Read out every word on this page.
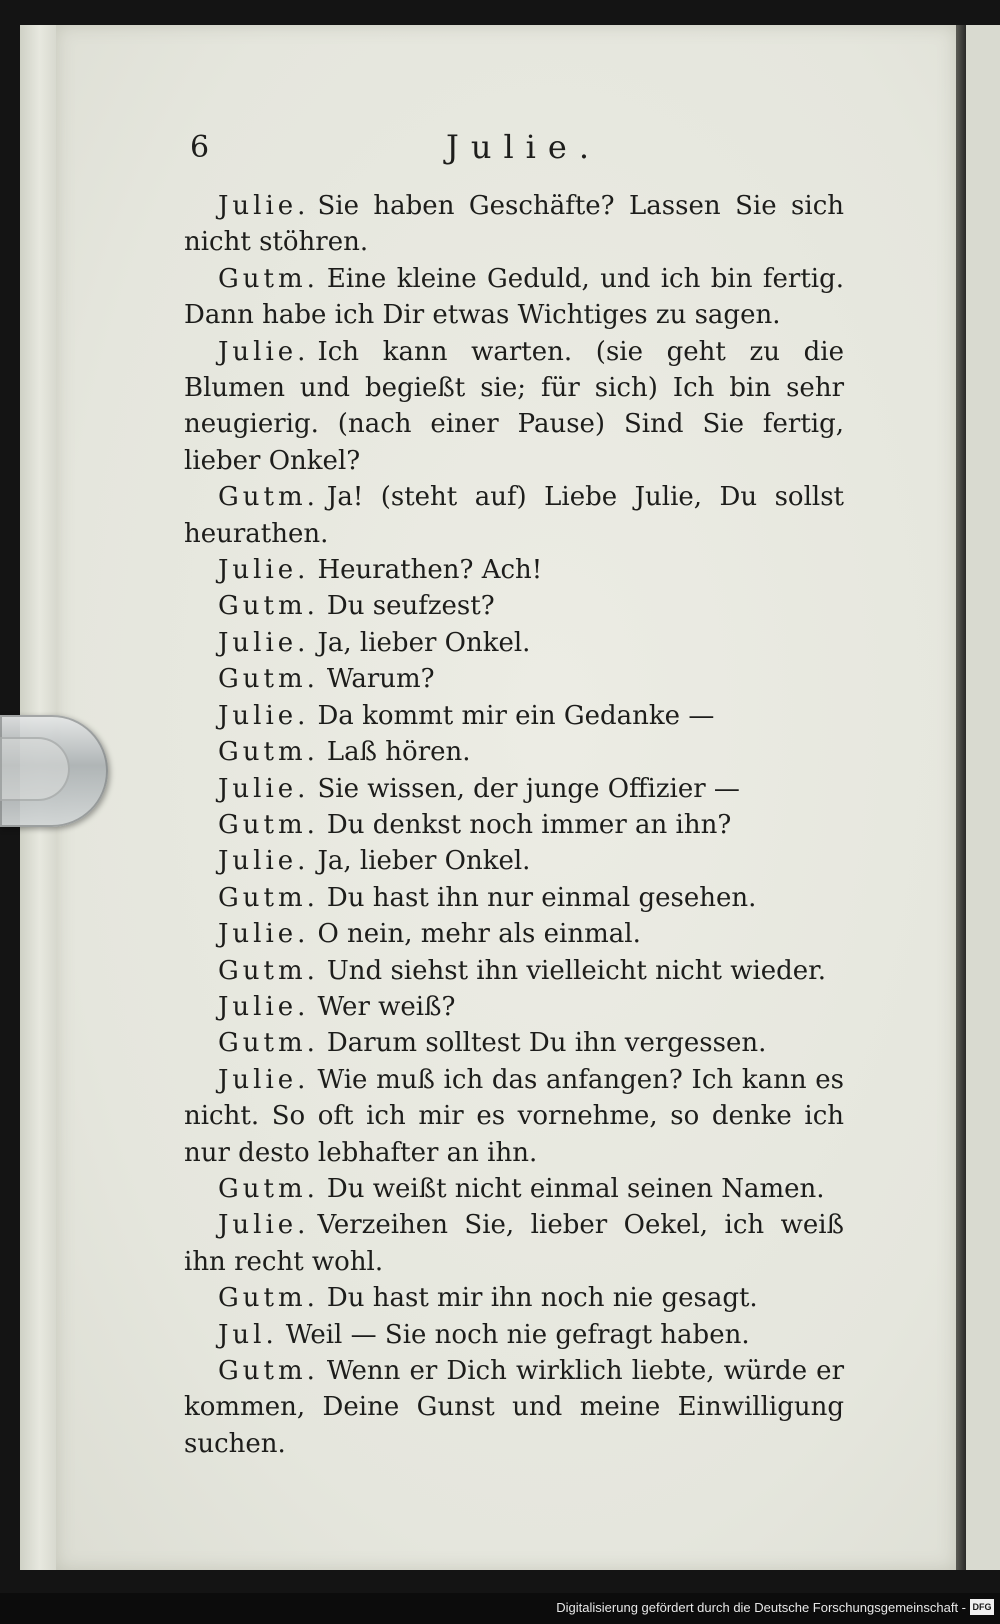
6	Julie.

Julie. Sie haben Geschäfte? Lassen Sie sich nicht stöhren.

Gutm. Eine kleine Geduld, und ich bin fertig. Dann habe ich Dir etwas Wichtiges zu sagen.

Julie. Ich kann warten. (sie geht zu die Blumen und begießt sie; für sich) Ich bin sehr neugierig. (nach einer Pause) Sind Sie fertig, lieber Onkel?

Gutm. Ja! (steht auf) Liebe Julie, Du sollst heurathen.

Julie. Heurathen? Ach!

Gutm. Du seufzest?

Julie. Ja, lieber Onkel.

Gutm. Warum?

Julie. Da kommt mir ein Gedanke —

Gutm. Laß hören.

Julie. Sie wissen, der junge Offizier —

Gutm. Du denkst noch immer an ihn?

Julie. Ja, lieber Onkel.

Gutm. Du hast ihn nur einmal gesehen.

Julie. O nein, mehr als einmal.

Gutm. Und siehst ihn vielleicht nicht wieder.

Julie. Wer weiß?

Gutm. Darum solltest Du ihn vergessen.

Julie. Wie muß ich das anfangen? Ich kann es nicht. So oft ich mir es vornehme, so denke ich nur desto lebhafter an ihn.

Gutm. Du weißt nicht einmal seinen Namen.

Julie. Verzeihen Sie, lieber Oekel, ich weiß ihn recht wohl.

Gutm. Du hast mir ihn noch nie gesagt.

Jul. Weil — Sie noch nie gefragt haben.

Gutm. Wenn er Dich wirklich liebte, würde er kommen, Deine Gunst und meine Einwilligung suchen.

Digitalisierung gefördert durch die Deutsche Forschungsgemeinschaft - DFG
